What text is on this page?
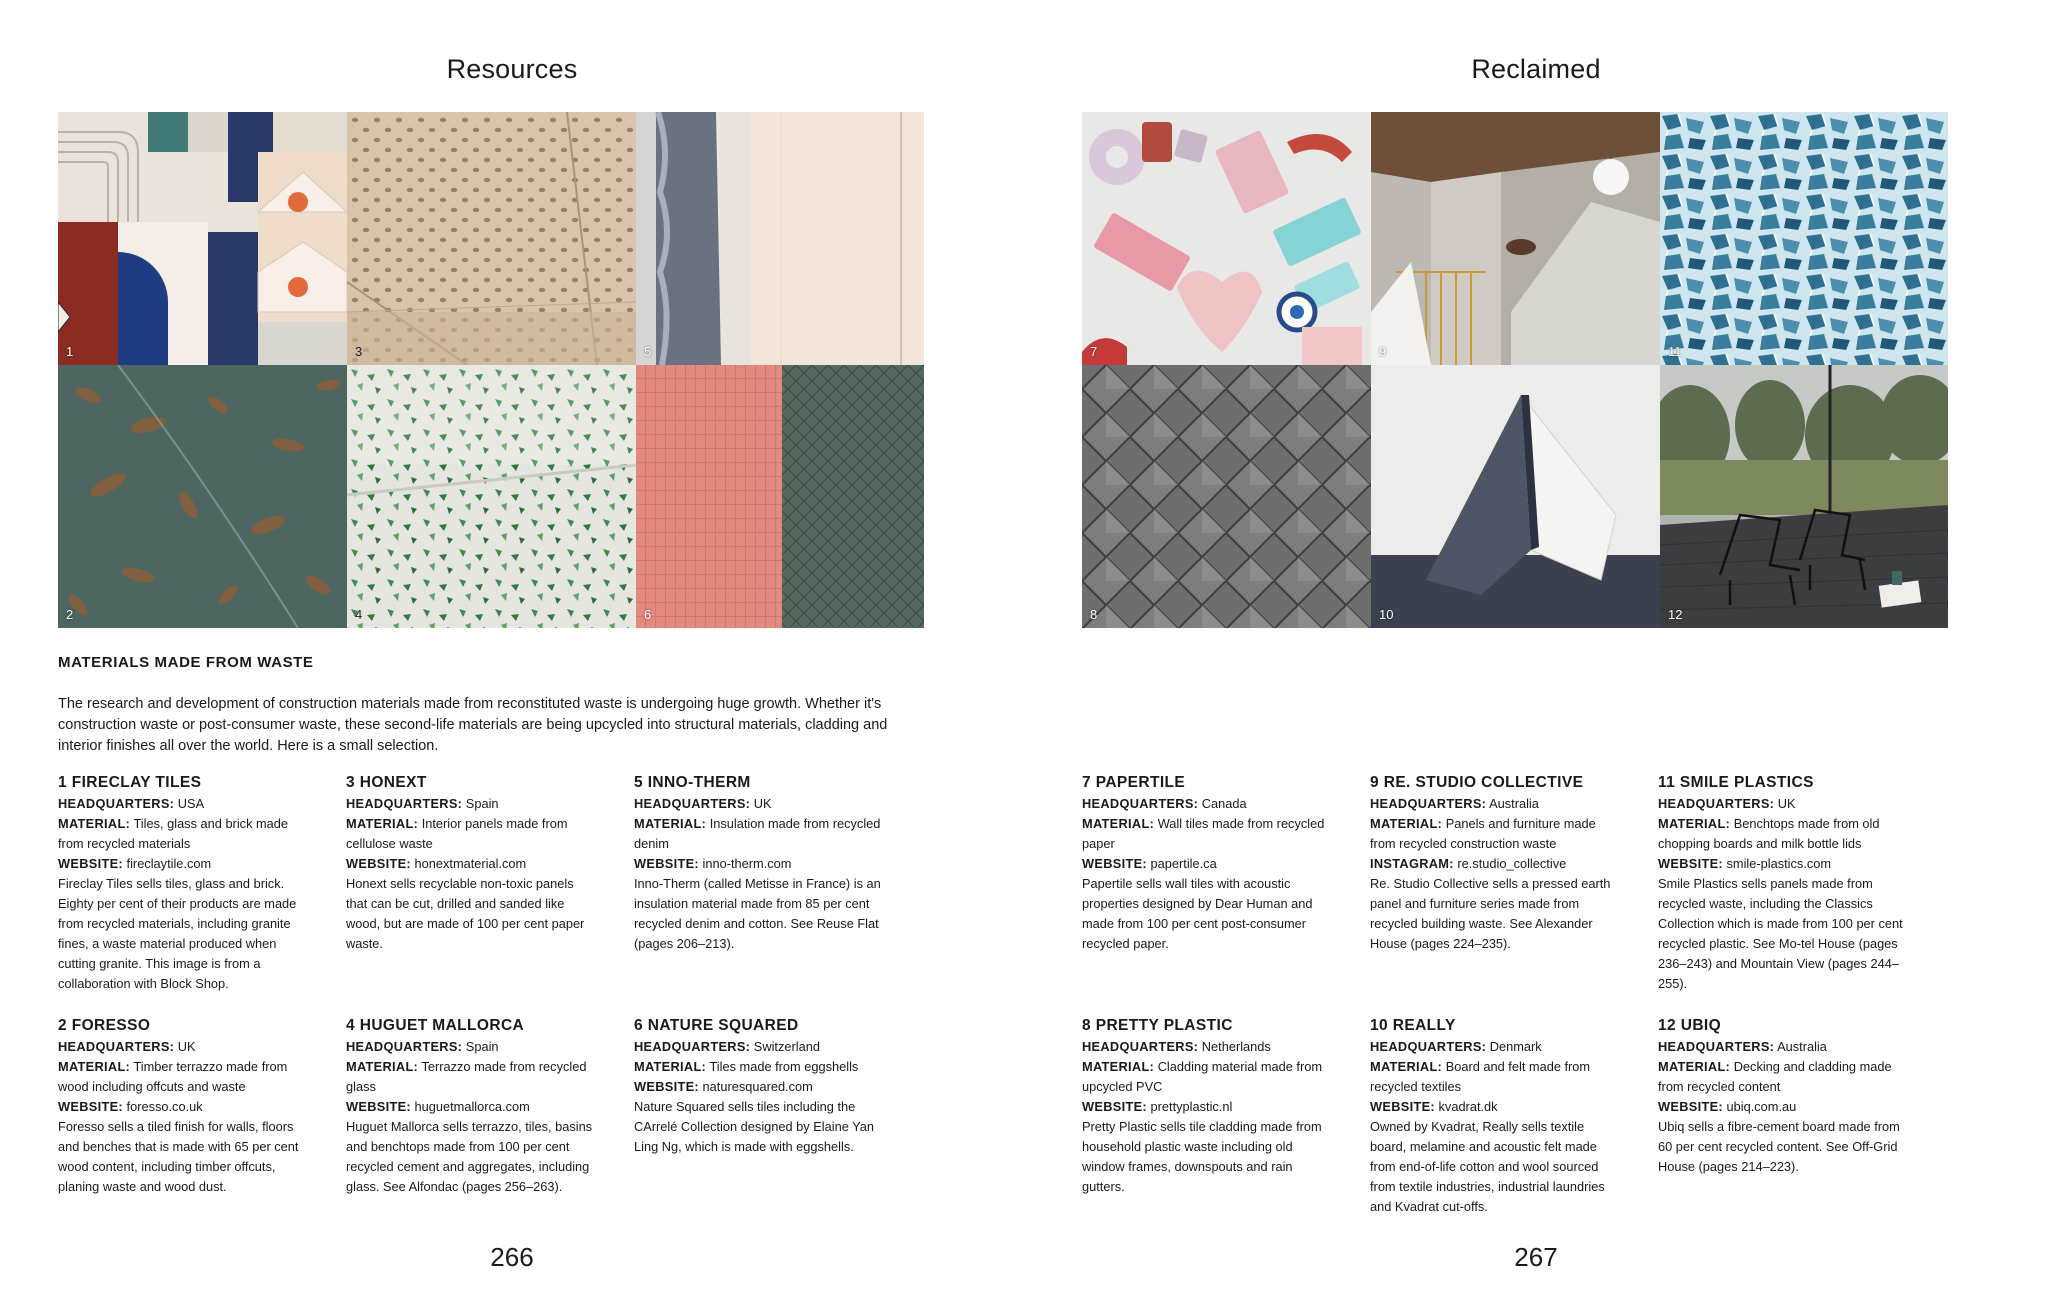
Resources
1	3	5
2	4	6
MATERIALS MADE FROM WASTE

The research and development of construction materials made from reconstituted waste is undergoing huge growth. Whether it's construction waste or post-consumer waste, these second-life materials are being upcycled into structural materials, cladding and interior finishes all over the world. Here is a small selection.

1 FIRECLAY TILES

HEADQUARTERS: USA

MATERIAL: Tiles, glass and brick made from recycled materials

WEBSITE: fireclaytile.com

Fireclay Tiles sells tiles, glass and brick. Eighty per cent of their products are made from recycled materials, including granite fines, a waste material produced when cutting granite. This image is from a collaboration with Block Shop.

3 HONEXT

HEADQUARTERS: Spain

MATERIAL: Interior panels made from cellulose waste

WEBSITE: honextmaterial.com

Honext sells recyclable non-toxic panels that can be cut, drilled and sanded like wood, but are made of 100 per cent paper waste.

5 INNO-THERM

HEADQUARTERS: UK

MATERIAL: Insulation made from recycled denim

WEBSITE: inno-therm.com

Inno-Therm (called Metisse in France) is an insulation material made from 85 per cent recycled denim and cotton. See Reuse Flat (pages 206–213).

2 FORESSO

HEADQUARTERS: UK

MATERIAL: Timber terrazzo made from wood including offcuts and waste

WEBSITE: foresso.co.uk

Foresso sells a tiled finish for walls, floors and benches that is made with 65 per cent wood content, including timber offcuts, planing waste and wood dust.

4 HUGUET MALLORCA

HEADQUARTERS: Spain

MATERIAL: Terrazzo made from recycled glass

WEBSITE: huguetmallorca.com

Huguet Mallorca sells terrazzo, tiles, basins and benchtops made from 100 per cent recycled cement and aggregates, including glass. See Alfondac (pages 256–263).

6 NATURE SQUARED

HEADQUARTERS: Switzerland

MATERIAL: Tiles made from eggshells

WEBSITE: naturesquared.com

Nature Squared sells tiles including the CArrelé Collection designed by Elaine Yan Ling Ng, which is made with eggshells.

266
Reclaimed
7	9	11
8	10	12
7 PAPERTILE

HEADQUARTERS: Canada

MATERIAL: Wall tiles made from recycled paper

WEBSITE: papertile.ca

Papertile sells wall tiles with acoustic properties designed by Dear Human and made from 100 per cent post-consumer recycled paper.

9 RE. STUDIO COLLECTIVE

HEADQUARTERS: Australia

MATERIAL: Panels and furniture made from recycled construction waste

INSTAGRAM: re.studio_collective

Re. Studio Collective sells a pressed earth panel and furniture series made from recycled building waste. See Alexander House (pages 224–235).

11 SMILE PLASTICS

HEADQUARTERS: UK

MATERIAL: Benchtops made from old chopping boards and milk bottle lids

WEBSITE: smile-plastics.com

Smile Plastics sells panels made from recycled waste, including the Classics Collection which is made from 100 per cent recycled plastic. See Mo-tel House (pages 236–243) and Mountain View (pages 244–255).

8 PRETTY PLASTIC

HEADQUARTERS: Netherlands

MATERIAL: Cladding material made from upcycled PVC

WEBSITE: prettyplastic.nl

Pretty Plastic sells tile cladding made from household plastic waste including old window frames, downspouts and rain gutters.

10 REALLY

HEADQUARTERS: Denmark

MATERIAL: Board and felt made from recycled textiles

WEBSITE: kvadrat.dk

Owned by Kvadrat, Really sells textile board, melamine and acoustic felt made from end-of-life cotton and wool sourced from textile industries, industrial laundries and Kvadrat cut-offs.

12 UBIQ

HEADQUARTERS: Australia

MATERIAL: Decking and cladding made from recycled content

WEBSITE: ubiq.com.au

Ubiq sells a fibre-cement board made from 60 per cent recycled content. See Off-Grid House (pages 214–223).

267
